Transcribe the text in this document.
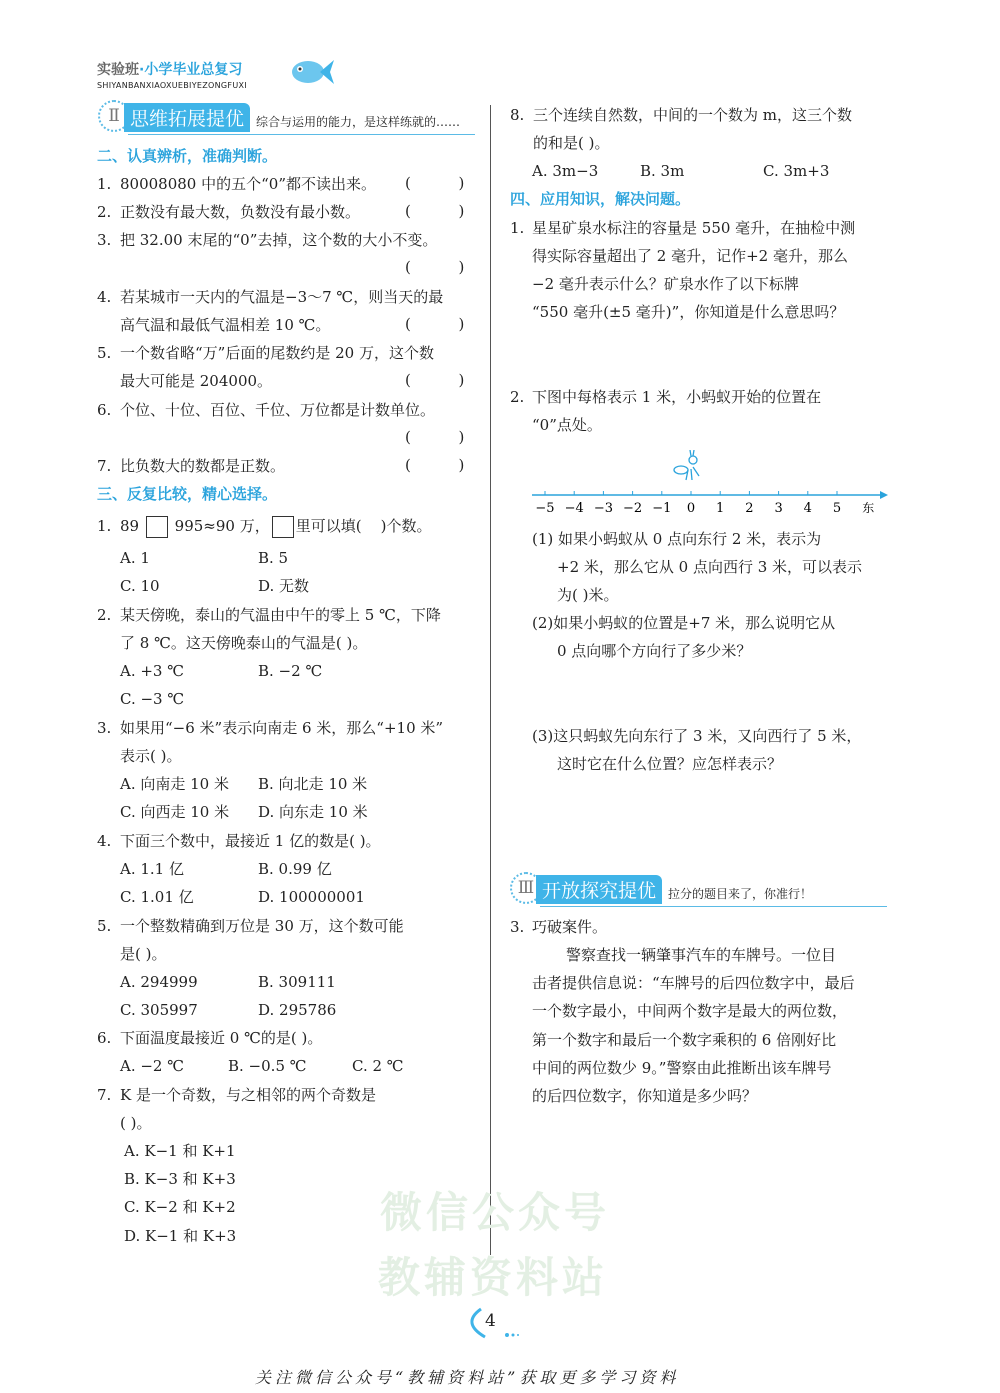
实验班·小学毕业总复习
SHIYANBANXIAOXUEBIYEZONGFUXI
Ⅱ 思维拓展提优	综合与运用的能力，是这样练就的……
二、认真辨析，准确判断。
1. 80008080 中的五个“0”都不读出来。 (          )
2. 正数没有最大数，负数没有最小数。	(          )
3. 把 32.00 末尾的“0”去掉，这个数的大小不变。
(          )
4. 若某城市一天内的气温是−3～7 ℃，则当天的最
高气温和最低气温相差 10 ℃。	(          )
5. 一个数省略“万”后面的尾数约是 20 万，这个数
最大可能是 204000。	(          )
6. 个位、十位、百位、千位、万位都是计数单位。
(          )
7. 比负数大的数都是正数。	(          )
三、反复比较，精心选择。
1. 89 995≈90 万， 里可以填(    )个数。
A. 1	B. 5
C. 10	D. 无数
2. 某天傍晚，泰山的气温由中午的零上 5 ℃，下降
了 8 ℃。这天傍晚泰山的气温是( )。
A. +3 ℃	B. −2 ℃
C. −3 ℃
3. 如果用“−6 米”表示向南走 6 米，那么“+10 米”
表示( )。
A. 向南走 10 米 B. 向北走 10 米
C. 向西走 10 米 D. 向东走 10 米
4. 下面三个数中，最接近 1 亿的数是( )。
A. 1.1 亿	B. 0.99 亿
C. 1.01 亿	D. 100000001
5. 一个整数精确到万位是 30 万，这个数可能
是( )。
A. 294999	B. 309111
C. 305997	D. 295786
6. 下面温度最接近 0 ℃的是( )。
A. −2 ℃	B. −0.5 ℃	C. 2 ℃
7. K 是一个奇数，与之相邻的两个奇数是
( )。
A. K−1 和 K+1
B. K−3 和 K+3
C. K−2 和 K+2
D. K−1 和 K+3
8. 三个连续自然数，中间的一个数为 m，这三个数
的和是( )。
A. 3m−3	B. 3m	C. 3m+3
四、应用知识，解决问题。
1. 星星矿泉水标注的容量是 550 毫升，在抽检中测
得实际容量超出了 2 毫升，记作+2 毫升，那么
−2 毫升表示什么？矿泉水作了以下标牌
“550 毫升(±5 毫升)”，你知道是什么意思吗？
2. 下图中每格表示 1 米，小蚂蚁开始的位置在
“0”点处。
(1) 如果小蚂蚁从 0 点向东行 2 米，表示为
+2 米，那么它从 0 点向西行 3 米，可以表示
为( )米。
(2)如果小蚂蚁的位置是+7 米，那么说明它从
0 点向哪个方向行了多少米？
(3)这只蚂蚁先向东行了 3 米，又向西行了 5 米，
这时它在什么位置？应怎样表示？
3. 巧破案件。
警察查找一辆肇事汽车的车牌号。一位目
击者提供信息说：“车牌号的后四位数字中，最后
一个数字最小，中间两个数字是最大的两位数，
第一个数字和最后一个数字乘积的 6 倍刚好比
中间的两位数少 9。”警察由此推断出该车牌号
的后四位数字，你知道是多少吗？
−5 −4 −3 −2 −1 0 1 2 3 4 5 东
Ⅲ 开放探究提优	拉分的题目来了，你准行！
微信公众号
教辅资料站
4
关注微信公众号“教辅资料站”获取更多学习资料
